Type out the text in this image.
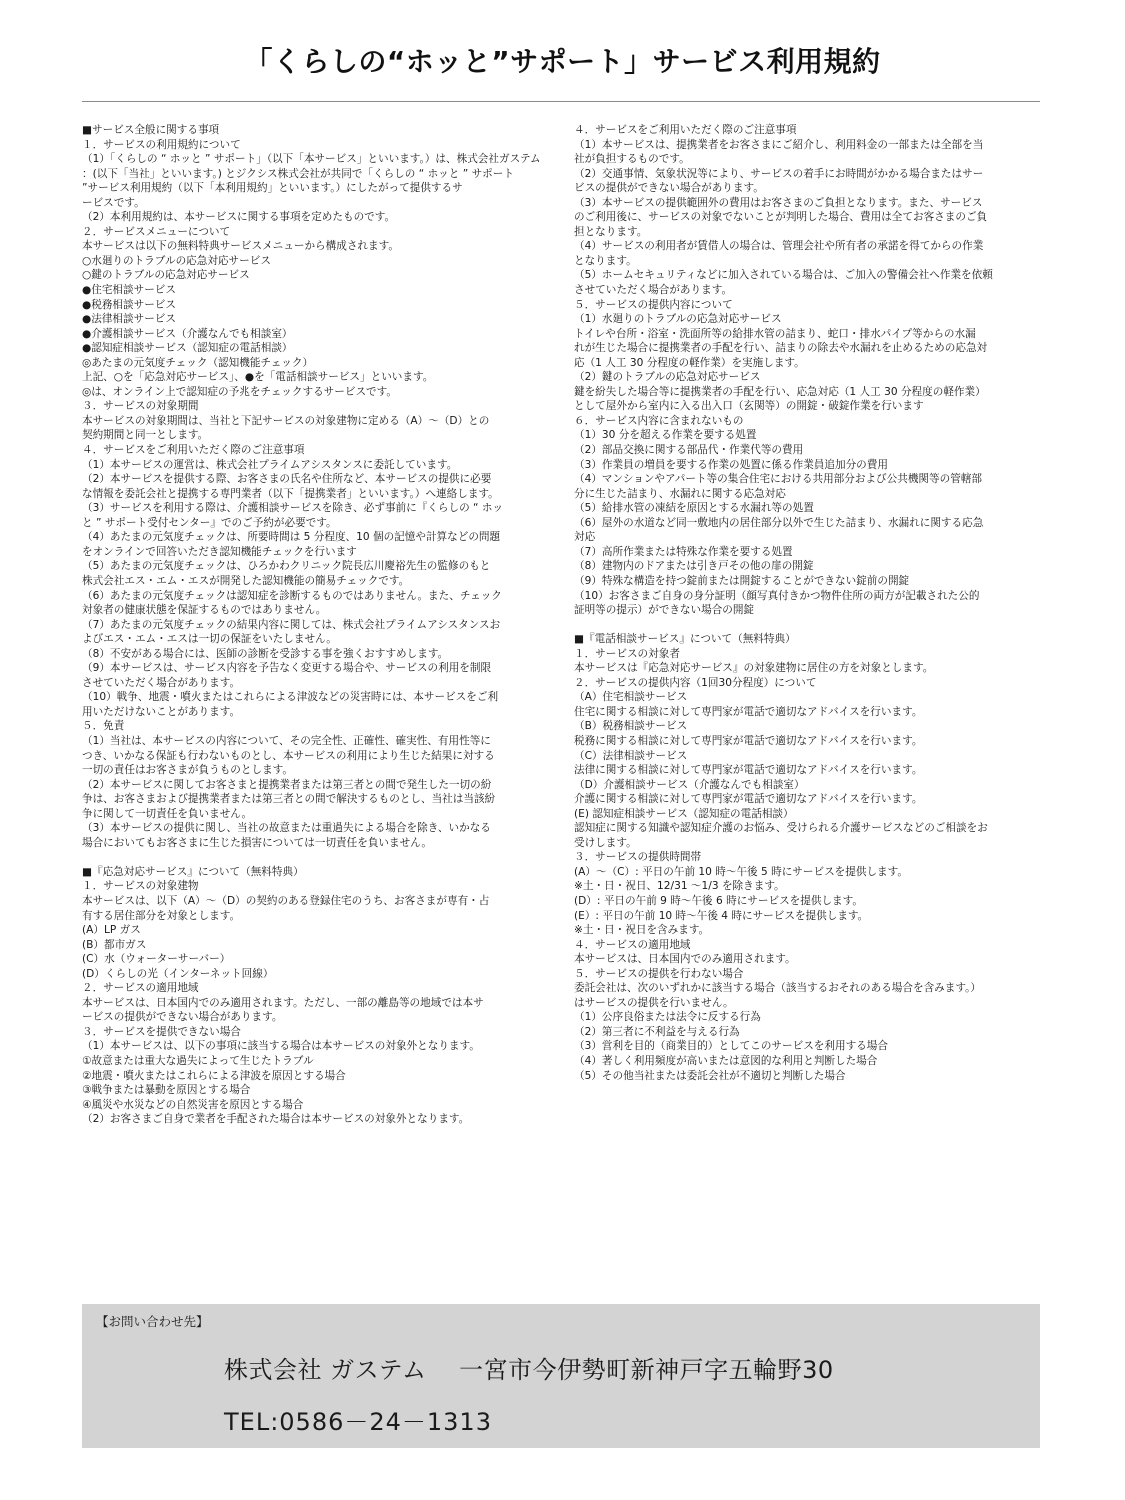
「くらしの“ホッと”サポート」サービス利用規約
■サービス全般に関する事項
１．サービスの利用規約について
（1）「くらしの “ ホッと ” サポート」（以下「本サービス」といいます。）は、株式会社ガステム
：(以下「当社」といいます。) とジクシス株式会社が共同で「くらしの “ ホッと ” サポート
”サービス利用規約（以下「本利用規約」といいます。）にしたがって提供するサ
ービスです。
（2）本利用規約は、本サービスに関する事項を定めたものです。
２．サービスメニューについて
本サービスは以下の無料特典サービスメニューから構成されます。
○水廻りのトラブルの応急対応サービス
○鍵のトラブルの応急対応サービス
●住宅相談サービス
●税務相談サービス
●法律相談サービス
●介護相談サービス（介護なんでも相談室）
●認知症相談サービス（認知症の電話相談）
◎あたまの元気度チェック（認知機能チェック）
上記、○を「応急対応サービス」、●を「電話相談サービス」といいます。
◎は、オンライン上で認知症の予兆をチェックするサービスです。
３．サービスの対象期間
本サービスの対象期間は、当社と下記サービスの対象建物に定める（A）～（D）との
契約期間と同一とします。
４．サービスをご利用いただく際のご注意事項
（1）本サービスの運営は、株式会社プライムアシスタンスに委託しています。
（2）本サービスを提供する際、お客さまの氏名や住所など、本サービスの提供に必要
な情報を委託会社と提携する専門業者（以下「提携業者」といいます。）へ連絡します。
（3）サービスを利用する際は、介護相談サービスを除き、必ず事前に『くらしの “ ホッ
と ” サポート受付センター』でのご予約が必要です。
（4）あたまの元気度チェックは、所要時間は 5 分程度、10 個の記憶や計算などの問題
をオンラインで回答いただき認知機能チェックを行います
（5）あたまの元気度チェックは、ひろかわクリニック院長広川慶裕先生の監修のもと
株式会社エス・エム・エスが開発した認知機能の簡易チェックです。
（6）あたまの元気度チェックは認知症を診断するものではありません。また、チェック
対象者の健康状態を保証するものではありません。
（7）あたまの元気度チェックの結果内容に関しては、株式会社プライムアシスタンスお
よびエス・エム・エスは一切の保証をいたしません。
（8）不安がある場合には、医師の診断を受診する事を強くおすすめします。
（9）本サービスは、サービス内容を予告なく変更する場合や、サービスの利用を制限
させていただく場合があります。
（10）戦争、地震・噴火またはこれらによる津波などの災害時には、本サービスをご利
用いただけないことがあります。
５．免責
（1）当社は、本サービスの内容について、その完全性、正確性、確実性、有用性等に
つき、いかなる保証も行わないものとし、本サービスの利用により生じた結果に対する
一切の責任はお客さまが負うものとします。
（2）本サービスに関してお客さまと提携業者または第三者との間で発生した一切の紛
争は、お客さまおよび提携業者または第三者との間で解決するものとし、当社は当該紛
争に関して一切責任を負いません。
（3）本サービスの提供に関し、当社の故意または重過失による場合を除き、いかなる
場合においてもお客さまに生じた損害については一切責任を負いません。
■『応急対応サービス』について（無料特典）
１．サービスの対象建物
本サービスは、以下（A）～（D）の契約のある登録住宅のうち、お客さまが専有・占
有する居住部分を対象とします。
(A）LP ガス
(B）都市ガス
(C）水（ウォーターサーバー）
(D）くらしの光（インターネット回線）
２．サービスの適用地域
本サービスは、日本国内でのみ適用されます。ただし、一部の離島等の地域では本サ
ービスの提供ができない場合があります。
３．サービスを提供できない場合
（1）本サービスは、以下の事項に該当する場合は本サービスの対象外となります。
①故意または重大な過失によって生じたトラブル
②地震・噴火またはこれらによる津波を原因とする場合
③戦争または暴動を原因とする場合
④風災や水災などの自然災害を原因とする場合
（2）お客さまご自身で業者を手配された場合は本サービスの対象外となります。
４．サービスをご利用いただく際のご注意事項
（1）本サービスは、提携業者をお客さまにご紹介し、利用料金の一部または全部を当
社が負担するものです。
（2）交通事情、気象状況等により、サービスの着手にお時間がかかる場合またはサー
ビスの提供ができない場合があります。
（3）本サービスの提供範囲外の費用はお客さまのご負担となります。また、サービス
のご利用後に、サービスの対象でないことが判明した場合、費用は全てお客さまのご負
担となります。
（4）サービスの利用者が賃借人の場合は、管理会社や所有者の承諾を得てからの作業
となります。
（5）ホームセキュリティなどに加入されている場合は、ご加入の警備会社へ作業を依頼
させていただく場合があります。
５．サービスの提供内容について
（1）水廻りのトラブルの応急対応サービス
トイレや台所・浴室・洗面所等の給排水管の詰まり、蛇口・排水パイプ等からの水漏
れが生じた場合に提携業者の手配を行い、詰まりの除去や水漏れを止めるための応急対
応（1 人工 30 分程度の軽作業）を実施します。
（2）鍵のトラブルの応急対応サービス
鍵を紛失した場合等に提携業者の手配を行い、応急対応（1 人工 30 分程度の軽作業）
として屋外から室内に入る出入口（玄関等）の開錠・破錠作業を行います
６．サービス内容に含まれないもの
（1）30 分を超える作業を要する処置
（2）部品交換に関する部品代・作業代等の費用
（3）作業員の増員を要する作業の処置に係る作業員追加分の費用
（4）マンションやアパート等の集合住宅における共用部分および公共機関等の管轄部
分に生じた詰まり、水漏れに関する応急対応
（5）給排水管の凍結を原因とする水漏れ等の処置
（6）屋外の水道など同一敷地内の居住部分以外で生じた詰まり、水漏れに関する応急
対応
（7）高所作業または特殊な作業を要する処置
（8）建物内のドアまたは引き戸その他の扉の開錠
（9）特殊な構造を持つ錠前または開錠することができない錠前の開錠
（10）お客さまご自身の身分証明（顔写真付きかつ物件住所の両方が記載された公的
証明等の提示）ができない場合の開錠
■『電話相談サービス』について（無料特典）
１．サービスの対象者
本サービスは『応急対応サービス』の対象建物に居住の方を対象とします。
２．サービスの提供内容（1回30分程度）について
（A）住宅相談サービス
住宅に関する相談に対して専門家が電話で適切なアドバイスを行います。
（B）税務相談サービス
税務に関する相談に対して専門家が電話で適切なアドバイスを行います。
（C）法律相談サービス
法律に関する相談に対して専門家が電話で適切なアドバイスを行います。
（D）介護相談サービス（介護なんでも相談室）
介護に関する相談に対して専門家が電話で適切なアドバイスを行います。
(E) 認知症相談サービス（認知症の電話相談）
認知症に関する知識や認知症介護のお悩み、受けられる介護サービスなどのご相談をお
受けします。
３．サービスの提供時間帯
(A）～（C）: 平日の午前 10 時～午後 5 時にサービスを提供します。
※土・日・祝日、12/31 ～1/3 を除きます。
(D）: 平日の午前 9 時～午後 6 時にサービスを提供します。
(E）: 平日の午前 10 時～午後 4 時にサービスを提供します。
※土・日・祝日を含みます。
４．サービスの適用地域
本サービスは、日本国内でのみ適用されます。
５．サービスの提供を行わない場合
委託会社は、次のいずれかに該当する場合（該当するおそれのある場合を含みます。）
はサービスの提供を行いません。
（1）公序良俗または法令に反する行為
（2）第三者に不利益を与える行為
（3）営利を目的（商業目的）としてこのサービスを利用する場合
（4）著しく利用頻度が高いまたは意図的な利用と判断した場合
（5）その他当社または委託会社が不適切と判断した場合
【お問い合わせ先】
株式会社 ガステム　 一宮市今伊勢町新神戸字五輪野30
TEL:0586－24－1313
